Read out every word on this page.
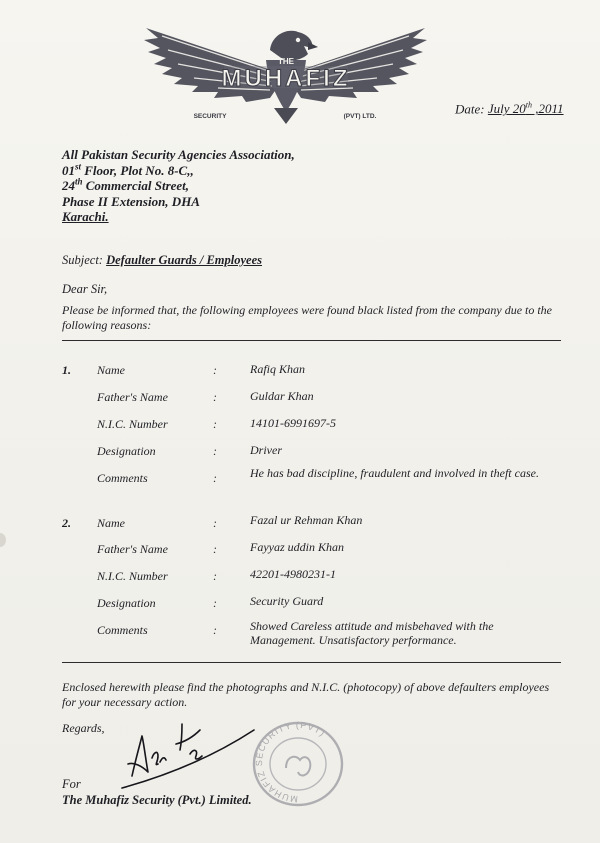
THE
MUHAFIZ
SECURITY	(PVT) LTD.
Date: July 20th ,2011
All Pakistan Security Agencies Association,
01st Floor, Plot No. 8-C,,
24th Commercial Street,
Phase II Extension, DHA
Karachi.
Subject: Defaulter Guards / Employees
Dear Sir,
Please be informed that, the following employees were found black listed from the company due to the following reasons:
1. Name	:	Rafiq Khan
Father's Name	:	Guldar Khan
N.I.C. Number	:	14101-6991697-5
Designation	:	Driver
Comments	:	He has bad discipline, fraudulent and involved in theft case.
2. Name	:	Fazal ur Rehman Khan
Father's Name	:	Fayyaz uddin Khan
N.I.C. Number	:	42201-4980231-1
Designation	:	Security Guard
Comments	:	Showed Careless attitude and misbehaved with the
Management. Unsatisfactory performance.
Enclosed herewith please find the photographs and N.I.C. (photocopy) of above defaulters employees for your necessary action.
Regards,
MUHAFIZ SECURITY (PVT)
For
The Muhafiz Security (Pvt.) Limited.
